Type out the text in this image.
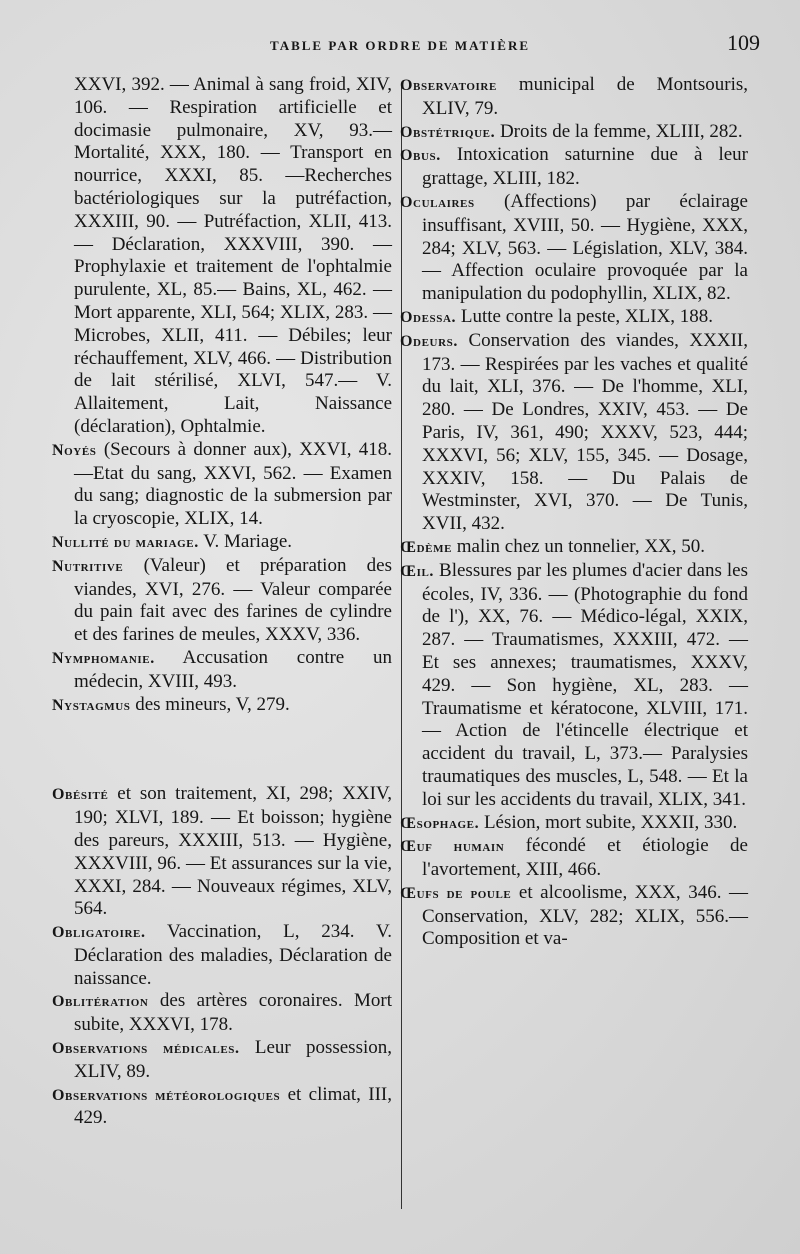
TABLE PAR ORDRE DE MATIÈRE	109

XXVI, 392. — Animal à sang froid, XIV, 106. — Respiration artificielle et docimasie pulmonaire, XV, 93.— Mortalité, XXX, 180. — Transport en nourrice, XXXI, 85. —Recherches bactériologiques sur la putréfaction, XXXIII, 90. — Putréfaction, XLII, 413. — Déclaration, XXXVIII, 390. — Prophylaxie et traitement de l'ophtalmie purulente, XL, 85.— Bains, XL, 462. — Mort apparente, XLI, 564; XLIX, 283. — Microbes, XLII, 411. — Débiles; leur réchauffement, XLV, 466. — Distribution de lait stérilisé, XLVI, 547.— V. Allaitement, Lait, Naissance (déclaration), Ophtalmie.

Noyés (Secours à donner aux), XXVI, 418.—Etat du sang, XXVI, 562. — Examen du sang; diagnostic de la submersion par la cryoscopie, XLIX, 14.

Nullité du mariage. V. Mariage.

Nutritive (Valeur) et préparation des viandes, XVI, 276. — Valeur comparée du pain fait avec des farines de cylindre et des farines de meules, XXXV, 336.

Nymphomanie. Accusation contre un médecin, XVIII, 493.

Nystagmus des mineurs, V, 279.

Obésité et son traitement, XI, 298; XXIV, 190; XLVI, 189. — Et boisson; hygiène des pareurs, XXXIII, 513. — Hygiène, XXXVIII, 96. — Et assurances sur la vie, XXXI, 284. — Nouveaux régimes, XLV, 564.

Obligatoire. Vaccination, L, 234. V. Déclaration des maladies, Déclaration de naissance.

Oblitération des artères coronaires. Mort subite, XXXVI, 178.

Observations médicales. Leur possession, XLIV, 89.

Observations météorologiques et climat, III, 429.

Observatoire municipal de Montsouris, XLIV, 79.

Obstétrique. Droits de la femme, XLIII, 282.

Obus. Intoxication saturnine due à leur grattage, XLIII, 182.

Oculaires (Affections) par éclairage insuffisant, XVIII, 50. — Hygiène, XXX, 284; XLV, 563. — Législation, XLV, 384. — Affection oculaire provoquée par la manipulation du podophyllin, XLIX, 82.

Odessa. Lutte contre la peste, XLIX, 188.

Odeurs. Conservation des viandes, XXXII, 173. — Respirées par les vaches et qualité du lait, XLI, 376. — De l'homme, XLI, 280. — De Londres, XXIV, 453. — De Paris, IV, 361, 490; XXXV, 523, 444; XXXVI, 56; XLV, 155, 345. — Dosage, XXXIV, 158. — Du Palais de Westminster, XVI, 370. — De Tunis, XVII, 432.

Œdème malin chez un tonnelier, XX, 50.

Œil. Blessures par les plumes d'acier dans les écoles, IV, 336. — (Photographie du fond de l'), XX, 76. — Médico-légal, XXIX, 287. — Traumatismes, XXXIII, 472. — Et ses annexes; traumatismes, XXXV, 429. — Son hygiène, XL, 283. — Traumatisme et kératocone, XLVIII, 171. — Action de l'étincelle électrique et accident du travail, L, 373.— Paralysies traumatiques des muscles, L, 548. — Et la loi sur les accidents du travail, XLIX, 341.

Œsophage. Lésion, mort subite, XXXII, 330.

Œuf humain fécondé et étiologie de l'avortement, XIII, 466.

Œufs de poule et alcoolisme, XXX, 346. — Conservation, XLV, 282; XLIX, 556.— Composition et va-
